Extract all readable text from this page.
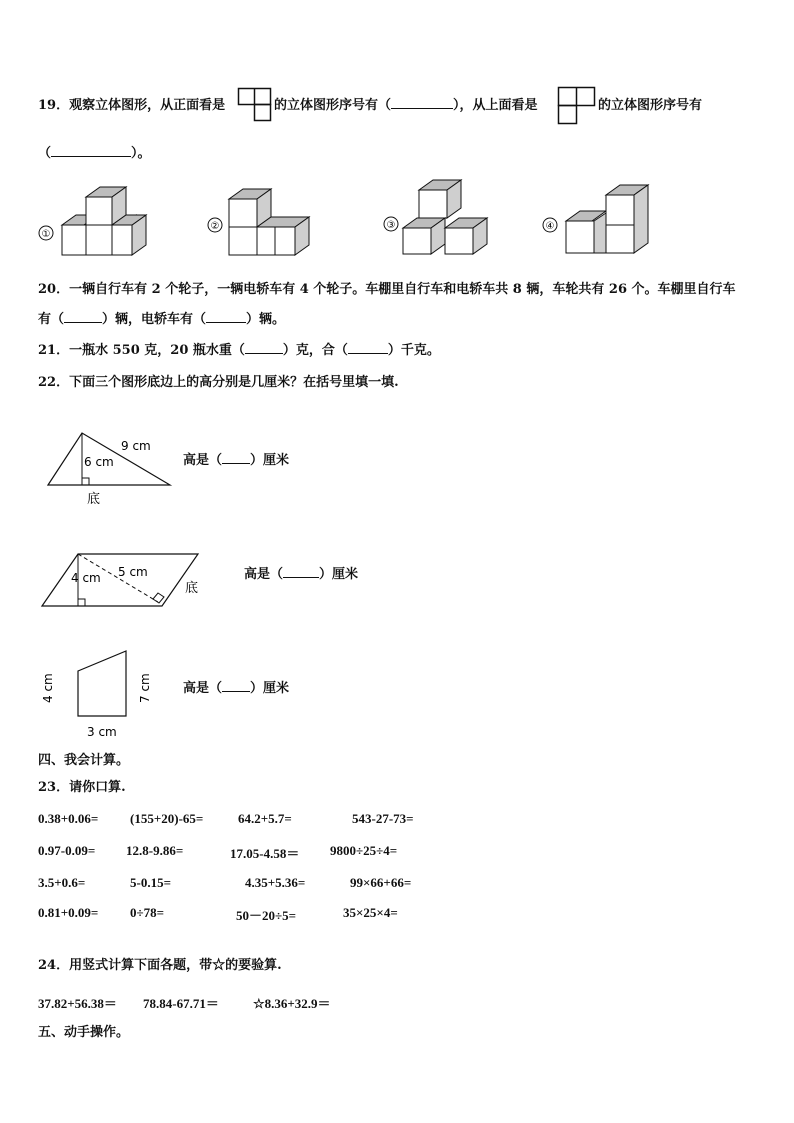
19．观察立体图形，从正面看是	的立体图形序号有（	），从上面看是	的立体图形序号有
（	）。
①
②	③	④
20．一辆自行车有 2 个轮子，一辆电轿车有 4 个轮子。车棚里自行车和电轿车共 8 辆，车轮共有 26 个。车棚里自行车
有（	）辆，电轿车有（	）辆。
21．一瓶水 550 克，20 瓶水重（	）克，合（	）千克。
22．下面三个图形底边上的高分别是几厘米？在括号里填一填.
9 cm
6 cm
底
高是（ ）厘米
5 cm
4 cm
底
高是（	）厘米
4 cm	7 cm
3 cm
高是（ ）厘米
四、我会计算。
23．请你口算.
0.38+0.06= (155+20)-65=	64.2+5.7=	543-27-73=
0.97-0.09= 12.8-9.86=	17.05-4.58＝ 9800÷25÷4=
3.5+0.6=	5-0.15=	4.35+5.36=	99×66+66=
0.81+0.09= 0÷78=	50－20÷5=	35×25×4=
24．用竖式计算下面各题，带☆的要验算.
37.82+56.38＝ 78.84-67.71＝	☆8.36+32.9＝
五、动手操作。
